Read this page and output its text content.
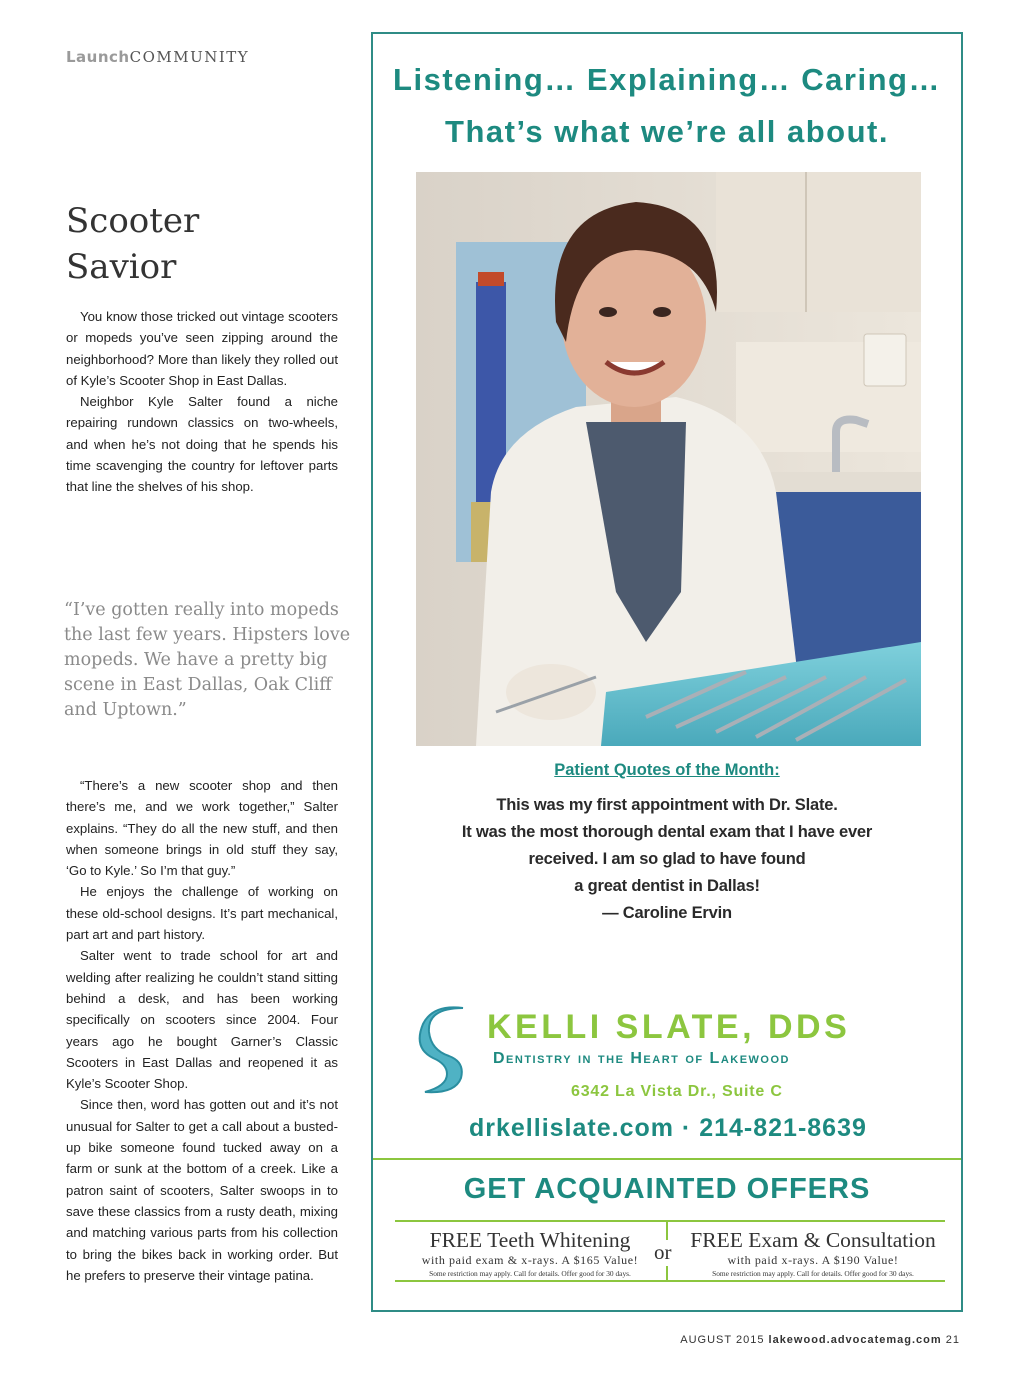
LaunchCOMMUNITY
Scooter
Savior

You know those tricked out vintage scooters or mopeds you’ve seen zipping around the neighborhood? More than likely they rolled out of Kyle’s Scooter Shop in East Dallas.

Neighbor Kyle Salter found a niche repairing rundown classics on two-wheels, and when he’s not doing that he spends his time scavenging the country for leftover parts that line the shelves of his shop.

“I’ve gotten really into mopeds the last few years. Hipsters love mopeds. We have a pretty big scene in East Dallas, Oak Cliff and Uptown.”

“There’s a new scooter shop and then there’s me, and we work together,” Salter explains. “They do all the new stuff, and then when someone brings in old stuff they say, ‘Go to Kyle.’ So I’m that guy.”

He enjoys the challenge of working on these old-school designs. It’s part mechanical, part art and part history.

Salter went to trade school for art and welding after realizing he couldn’t stand sitting behind a desk, and has been working specifically on scooters since 2004. Four years ago he bought Garner’s Classic Scooters in East Dallas and reopened it as Kyle’s Scooter Shop.

Since then, word has gotten out and it’s not unusual for Salter to get a call about a busted-up bike someone found tucked away on a farm or sunk at the bottom of a creek. Like a patron saint of scooters, Salter swoops in to save these classics from a rusty death, mixing and matching various parts from his collection to bring the bikes back in working order. But he prefers to preserve their vintage patina.

Listening… Explaining… Caring…
That’s what we’re all about.
Patient Quotes of the Month:
This was my first appointment with Dr. Slate.
It was the most thorough dental exam that I have ever
received. I am so glad to have found
a great dentist in Dallas!
— Caroline Ervin
KELLI SLATE, DDS
Dentistry in the Heart of Lakewood
6342 La Vista Dr., Suite C
drkellislate.com · 214-821-8639
GET ACQUAINTED OFFERS
or
FREE Teeth Whitening
with paid exam & x-rays. A $165 Value!
Some restriction may apply. Call for details. Offer good for 30 days.
FREE Exam & Consultation
with paid x-rays. A $190 Value!
Some restriction may apply. Call for details. Offer good for 30 days.
AUGUST 2015 lakewood.advocatemag.com 21
